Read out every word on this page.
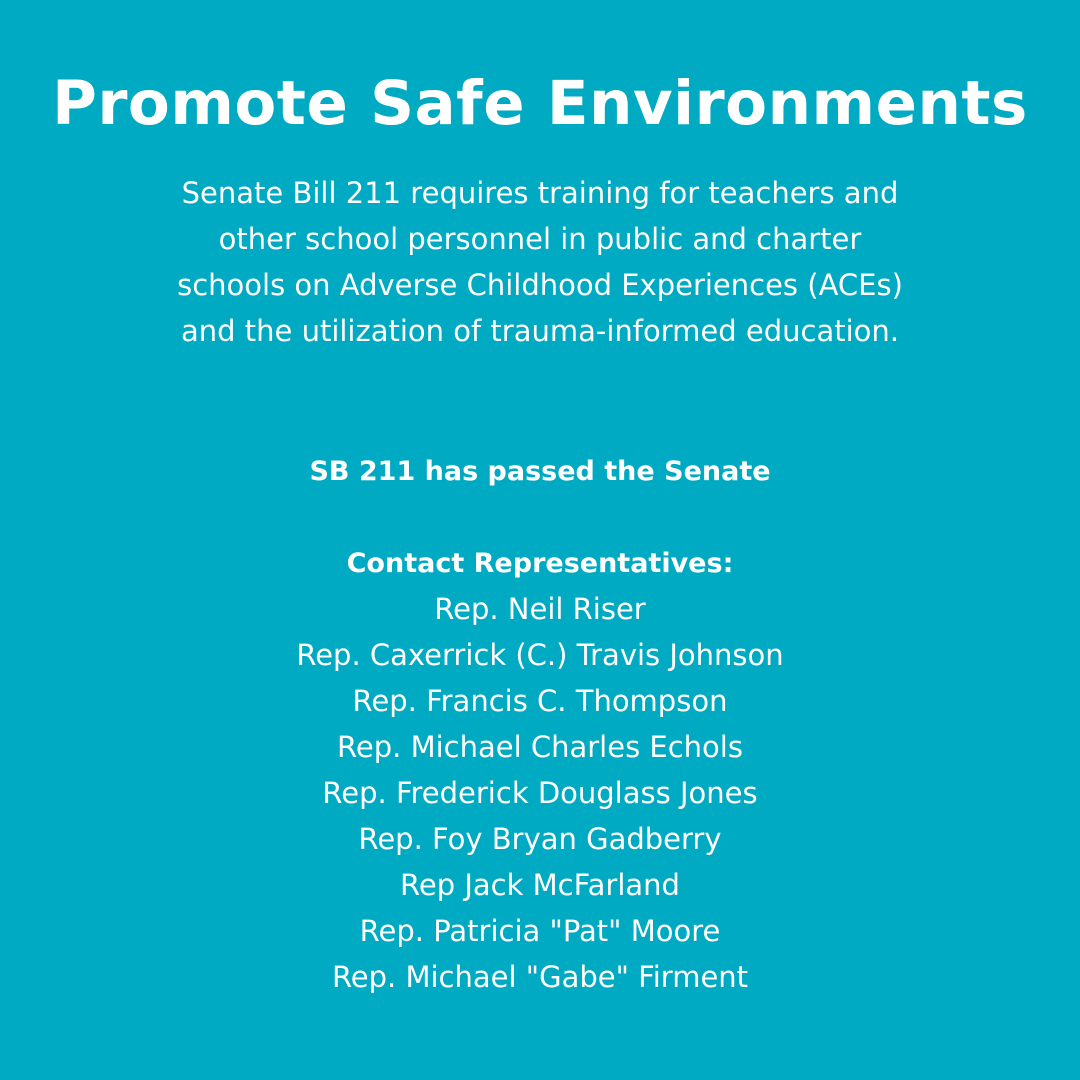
Promote Safe Environments

Senate Bill 211 requires training for teachers and
other school personnel in public and charter
schools on Adverse Childhood Experiences (ACEs)
and the utilization of trauma-informed education.

SB 211 has passed the Senate

Contact Representatives:

Rep. Neil Riser
Rep. Caxerrick (C.) Travis Johnson
Rep. Francis C. Thompson
Rep. Michael Charles Echols
Rep. Frederick Douglass Jones
Rep. Foy Bryan Gadberry
Rep Jack McFarland
Rep. Patricia "Pat" Moore
Rep. Michael "Gabe" Firment
